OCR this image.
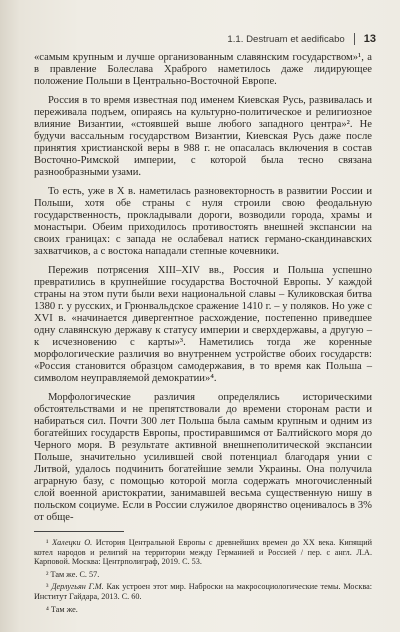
1.1. Destruam et aedificabo 13

«самым крупным и лучше организованным славянским государством»¹, а в правление Болеслава Храброго наметилось даже лидирующее положение Польши в Центрально-Восточной Европе.

Россия в то время известная под именем Киевская Русь, развивалась и переживала подъем, опираясь на культурно-политическое и религиозное влияние Византии, «стоявшей выше любого западного центра»². Не будучи вассальным государством Византии, Киевская Русь даже после принятия христианской веры в 988 г. не опасалась включения в состав Восточно-Римской империи, с которой была тесно связана разнообразными узами.

То есть, уже в Х в. наметилась разновекторность в развитии России и Польши, хотя обе страны с нуля строили свою феодальную государственность, прокладывали дороги, возводили города, храмы и монастыри. Обеим приходилось противостоять внешней экспансии на своих границах: с запада не ослабевал натиск германо-скандинавских захватчиков, а с востока нападали степные кочевники.

Пережив потрясения XIII–XIV вв., Россия и Польша успешно превратились в крупнейшие государства Восточной Европы. У каждой страны на этом пути были вехи национальной славы – Куликовская битва 1380 г. у русских, и Грюнвальдское сражение 1410 г. – у поляков. Но уже с XVI в. «начинается дивергентное расхождение, постепенно приведшее одну славянскую державу к статусу империи и сверхдержавы, а другую – к исчезновению с карты»³. Наметились тогда же коренные морфологические различия во внутреннем устройстве обоих государств: «Россия становится образцом самодержавия, в то время как Польша – символом неуправляемой демократии»⁴.

Морфологические различия определялись историческими обстоятельствами и не препятствовали до времени сторонам расти и набираться сил. Почти 300 лет Польша была самым крупным и одним из богатейших государств Европы, простиравшимся от Балтийского моря до Черного моря. В результате активной внешнеполитической экспансии Польше, значительно усилившей свой потенциал благодаря унии с Литвой, удалось подчинить богатейшие земли Украины. Она получила аграрную базу, с помощью которой могла содержать многочисленный слой военной аристократии, занимавшей весьма существенную нишу в польском социуме. Если в России служилое дворянство оценивалось в 3% от обще-

¹ Халецки О. История Центральной Европы с древнейших времен до XX века. Кипящий котел народов и религий на территории между Германией и Россией / пер. с англ. Л.А. Карповой. Москва: Центрполиграф, 2019. С. 53.
² Там же. С. 57.
³ Дерлугьян Г.М. Как устроен этот мир. Наброски на макросоциологические темы. Москва: Институт Гайдара, 2013. С. 60.
⁴ Там же.
